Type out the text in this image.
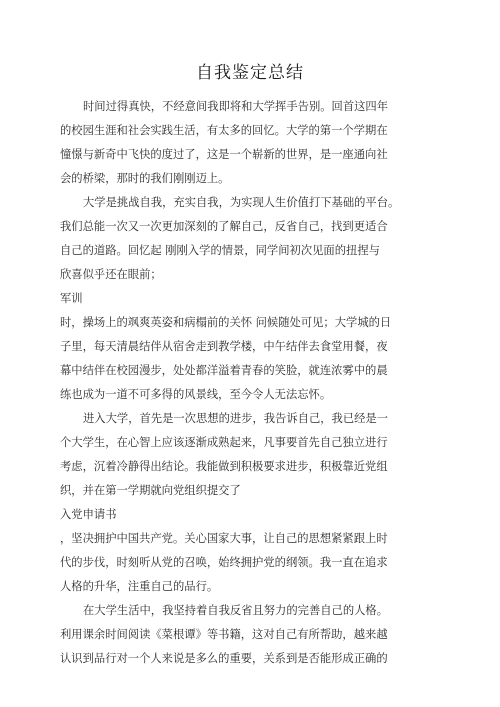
自我鉴定总结
时间过得真快，不经意间我即将和大学挥手告别。回首这四年
的校园生涯和社会实践生活，有太多的回忆。大学的第一个学期在
憧憬与新奇中飞快的度过了，这是一个崭新的世界，是一座通向社
会的桥梁，那时的我们刚刚迈上。
大学是挑战自我，充实自我，为实现人生价值打下基础的平台。
我们总能一次又一次更加深刻的了解自己，反省自己，找到更适合
自己的道路。回忆起 刚刚入学的情景，同学间初次见面的扭捏与
欣喜似乎还在眼前；
军训
时，操场上的飒爽英姿和病榻前的关怀 问候随处可见；大学城的日
子里，每天清晨结伴从宿舍走到教学楼，中午结伴去食堂用餐，夜
幕中结伴在校园漫步，处处都洋溢着青春的笑脸，就连浓雾中的晨
练也成为一道不可多得的风景线，至今令人无法忘怀。
进入大学，首先是一次思想的进步，我告诉自己，我已经是一
个大学生，在心智上应该逐渐成熟起来，凡事要首先自己独立进行
考虑，沉着冷静得出结论。我能做到积极要求进步，积极靠近党组
织，并在第一学期就向党组织提交了
入党申请书
，坚决拥护中国共产党。关心国家大事，让自己的思想紧紧跟上时
代的步伐，时刻听从党的召唤，始终拥护党的纲领。我一直在追求
人格的升华，注重自己的品行。
在大学生活中，我坚持着自我反省且努力的完善自己的人格。
利用课余时间阅读《菜根谭》等书籍，这对自己有所帮助，越来越
认识到品行对一个人来说是多么的重要，关系到是否能形成正确的
